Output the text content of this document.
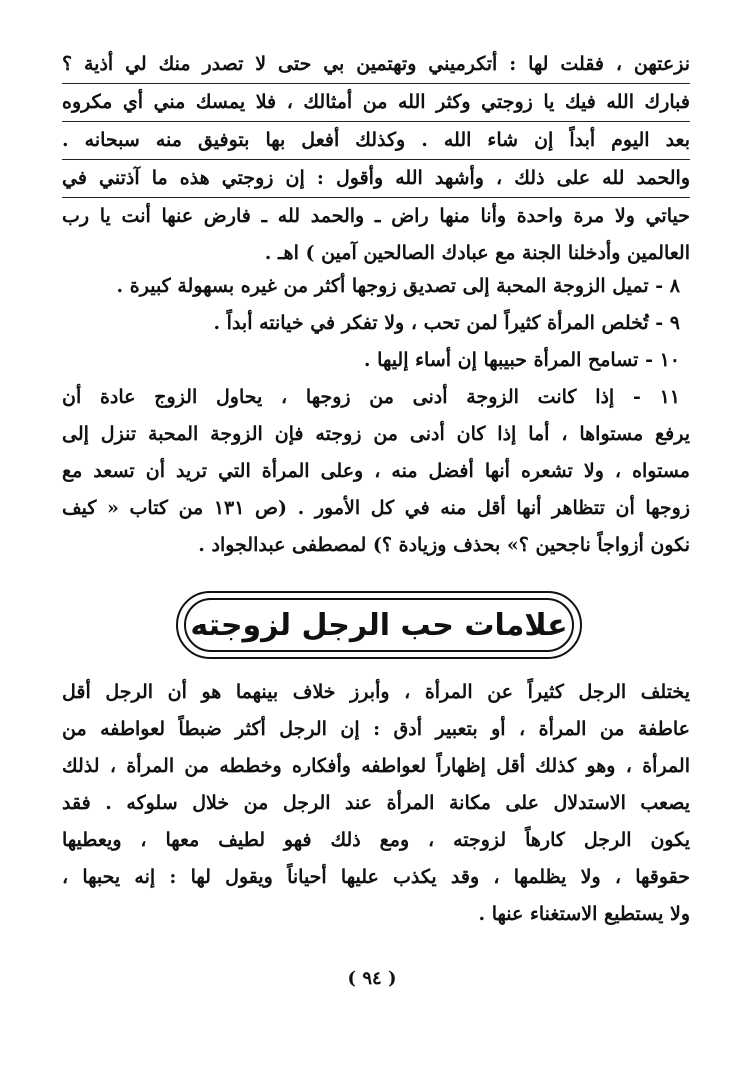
نزعتهن ، فقلت لها : أتكرميني وتهتمين بي حتى لا تصدر منك لي أذية ؟
فبارك الله فيك يا زوجتي وكثر الله من أمثالك ، فلا يمسك مني أي مكروه
بعد اليوم أبداً إن شاء الله . وكذلك أفعل بها بتوفيق منه سبحانه .
والحمد لله على ذلك ، وأشهد الله وأقول : إن زوجتي هذه ما آذتني في
حياتي ولا مرة واحدة وأنا منها راض ـ والحمد لله ـ فارض عنها أنت يا رب
العالمين وأدخلنا الجنة مع عبادك الصالحين آمين ) اهـ .
٨ - تميل الزوجة المحبة إلى تصديق زوجها أكثر من غيره بسهولة كبيرة .
٩ - تُخلص المرأة كثيراً لمن تحب ، ولا تفكر في خيانته أبداً .
١٠ - تسامح المرأة حبيبها إن أساء إليها .
١١ - إذا كانت الزوجة أدنى من زوجها ، يحاول الزوج عادة أن
يرفع مستواها ، أما إذا كان أدنى من زوجته فإن الزوجة المحبة تنزل إلى
مستواه ، ولا تشعره أنها أفضل منه ، وعلى المرأة التي تريد أن تسعد مع
زوجها أن تتظاهر أنها أقل منه في كل الأمور . (ص ١٣١ من كتاب « كيف
نكون أزواجاً ناجحين ؟» بحذف وزيادة ؟) لمصطفى عبدالجواد .
علامات حب الرجل لزوجته
يختلف الرجل كثيراً عن المرأة ، وأبرز خلاف بينهما هو أن الرجل أقل
عاطفة من المرأة ، أو بتعبير أدق : إن الرجل أكثر ضبطاً لعواطفه من
المرأة ، وهو كذلك أقل إظهاراً لعواطفه وأفكاره وخططه من المرأة ، لذلك
يصعب الاستدلال على مكانة المرأة عند الرجل من خلال سلوكه . فقد
يكون الرجل كارهاً لزوجته ، ومع ذلك فهو لطيف معها ، ويعطيها
حقوقها ، ولا يظلمها ، وقد يكذب عليها أحياناً ويقول لها : إنه يحبها ،
ولا يستطيع الاستغناء عنها .
( ٩٤ )
